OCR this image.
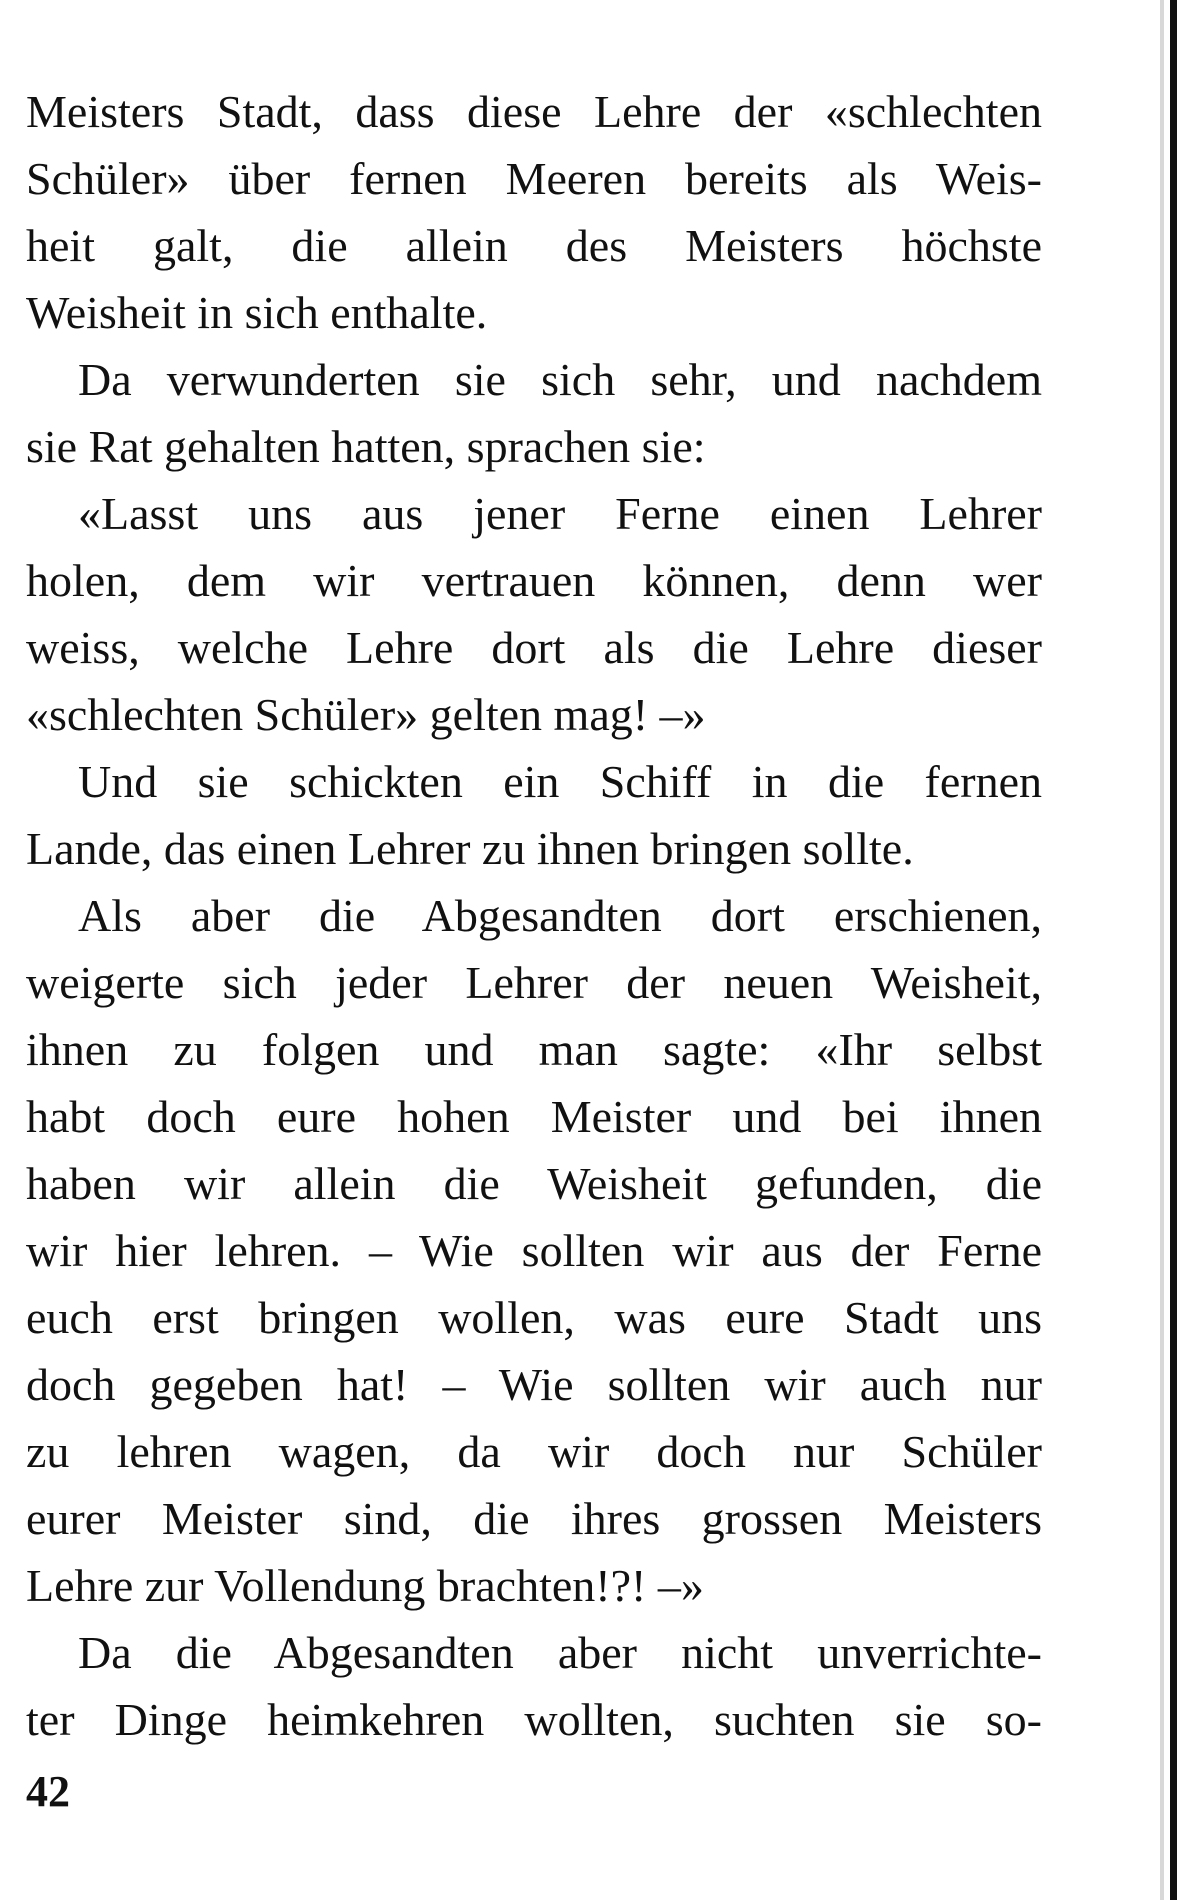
Meisters Stadt, dass diese Lehre der «schlechten
Schüler» über fernen Meeren bereits als Weis-
heit galt, die allein des Meisters höchste
Weisheit in sich enthalte.
Da verwunderten sie sich sehr, und nachdem
sie Rat gehalten hatten, sprachen sie:
«Lasst uns aus jener Ferne einen Lehrer
holen, dem wir vertrauen können, denn wer
weiss, welche Lehre dort als die Lehre dieser
«schlechten Schüler» gelten mag! –»
Und sie schickten ein Schiff in die fernen
Lande, das einen Lehrer zu ihnen bringen sollte.
Als aber die Abgesandten dort erschienen,
weigerte sich jeder Lehrer der neuen Weisheit,
ihnen zu folgen und man sagte: «Ihr selbst
habt doch eure hohen Meister und bei ihnen
haben wir allein die Weisheit gefunden, die
wir hier lehren. – Wie sollten wir aus der Ferne
euch erst bringen wollen, was eure Stadt uns
doch gegeben hat! – Wie sollten wir auch nur
zu lehren wagen, da wir doch nur Schüler
eurer Meister sind, die ihres grossen Meisters
Lehre zur Vollendung brachten!?! –»
Da die Abgesandten aber nicht unverrichte-
ter Dinge heimkehren wollten, suchten sie so-
42
